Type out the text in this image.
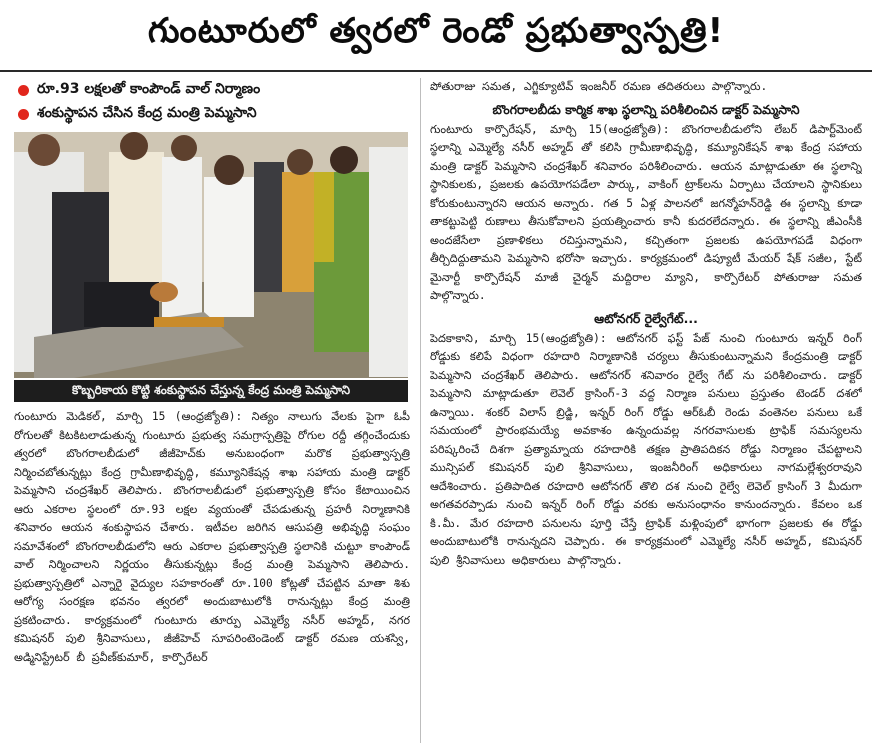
గుంటూరులో త్వరలో రెండో ప్రభుత్వాస్పత్రి!
రూ.93 లక్షలతో కాంపౌండ్ వాల్ నిర్మాణం
శంకుస్థాపన చేసిన కేంద్ర మంత్రి పెమ్మసాని
కొబ్బరికాయ కొట్టి శంకుస్థాపన చేస్తున్న కేంద్ర మంత్రి పెమ్మసాని

గుంటూరు మెడికల్, మార్చి 15 (ఆంధ్రజ్యోతి): నిత్యం నాలుగు వేలకు పైగా ఓపీ రోగులతో కిటకిటలాడుతున్న గుంటూరు ప్రభుత్వ సమగ్రాస్పత్రిపై రోగుల రద్దీ తగ్గించేందుకు త్వరలో బొంగరాలబీడులో జీజీహెచ్‌కు అనుబంధంగా మరొక ప్రభుత్వాస్పత్రి నిర్మించబోతున్నట్లు కేంద్ర గ్రామీణాభివృద్ధి, కమ్యూనికేషన్ల శాఖ సహాయ మంత్రి డాక్టర్ పెమ్మసాని చంద్రశేఖర్ తెలిపారు. బొంగరాలబీడులో ప్రభుత్వాస్పత్రి కోసం కేటాయించిన ఆరు ఎకరాల స్థలంలో రూ.93 లక్షల వ్యయంతో చేపడుతున్న ప్రహరీ నిర్మాణానికి శనివారం ఆయన శంకుస్థాపన చేశారు. ఇటీవల జరిగిన ఆసుపత్రి అభివృద్ధి సంఘం సమావేశంలో బొంగరాలబీడులోని ఆరు ఎకరాల ప్రభుత్వాస్పత్రి స్థలానికి చుట్టూ కాంపౌండ్ వాల్ నిర్మించాలని నిర్ణయం తీసుకున్నట్లు కేంద్ర మంత్రి పెమ్మసాని తెలిపారు. ప్రభుత్వాస్పత్రిలో ఎన్నారై వైద్యుల సహకారంతో రూ.100 కోట్లతో చేపట్టిన మాతా శిశు ఆరోగ్య సంరక్షణ భవనం త్వరలో అందుబాటులోకి రానున్నట్లు కేంద్ర మంత్రి ప్రకటించారు. కార్యక్రమంలో గుంటూరు తూర్పు ఎమ్మెల్యే నసీర్ అహ్మద్, నగర కమిషనర్ పులి శ్రీనివాసులు, జీజీహెచ్ సూపరింటెండెంట్ డాక్టర్ రమణ యశస్వి, అడ్మినిస్ట్రేటర్ బీ ప్రవీణ్‌కుమార్, కార్పొరేటర్

పోతురాజు సమత, ఎగ్జిక్యూటివ్ ఇంజనీర్ రమణ తదితరులు పాల్గొన్నారు.

బొంగరాలబీడు కార్మిక శాఖ స్థలాన్ని పరిశీలించిన డాక్టర్ పెమ్మసాని

గుంటూరు కార్పొరేషన్, మార్చి 15(ఆంధ్రజ్యోతి): బొంగరాలబీడులోని లేబర్ డిపార్ట్‌మెంట్ స్థలాన్ని ఎమ్మెల్యే నసీర్ అహ్మద్ తో కలిసి గ్రామీణాభివృద్ధి, కమ్యూనికేషన్ శాఖ కేంద్ర సహాయ మంత్రి డాక్టర్ పెమ్మసాని చంద్రశేఖర్ శనివారం పరిశీలించారు. ఆయన మాట్లాడుతూ ఈ స్థలాన్ని స్థానికులకు, ప్రజలకు ఉపయోగపడేలా పార్కు, వాకింగ్ ట్రాక్‌లను ఏర్పాటు చేయాలని స్థానికులు కోరుకుంటున్నారని ఆయన అన్నారు. గత 5 ఏళ్ల పాలనలో జగన్మోహన్‌రెడ్డి ఈ స్థలాన్ని కూడా తాకట్టుపెట్టి రుణాలు తీసుకోవాలని ప్రయత్నించారు కానీ కుదరలేదన్నారు. ఈ స్థలాన్ని జీఎంసీకి అందజేసేలా ప్రణాళికలు రచిస్తున్నామని, కచ్చితంగా ప్రజలకు ఉపయోగపడే విధంగా తీర్చిదిద్దుతామని పెమ్మసాని భరోసా ఇచ్చారు. కార్యక్రమంలో డిప్యూటీ మేయర్ షేక్ సజీల, స్టేట్ మైనార్టీ కార్పొరేషన్ మాజీ చైర్మన్ మద్దిరాల మ్యాని, కార్పొరేటర్ పోతురాజు సమత పాల్గొన్నారు.

ఆటోనగర్ రైల్వేగేట్...

పెదకాకాని, మార్చి 15(ఆంధ్రజ్యోతి): ఆటోనగర్ ఫస్ట్ పేజ్ నుంచి గుంటూరు ఇన్నర్ రింగ్ రోడ్డుకు కలిపే విధంగా రహదారి నిర్మాణానికి చర్యలు తీసుకుంటున్నామని కేంద్రమంత్రి డాక్టర్ పెమ్మసాని చంద్రశేఖర్ తెలిపారు. ఆటోనగర్ శనివారం రైల్వే గేట్ ను పరిశీలించారు. డాక్టర్ పెమ్మసాని మాట్లాడుతూ లెవెల్ క్రాసింగ్-3 వద్ద నిర్మాణ పనులు ప్రస్తుతం టెండర్ దశలో ఉన్నాయి. శంకర్ విలాస్ బ్రిడ్జి, ఇన్నర్ రింగ్ రోడ్డు ఆర్ఓబీ రెండు వంతెనల పనులు ఒకే సమయంలో ప్రారంభమయ్యే అవకాశం ఉన్నందువల్ల నగరవాసులకు ట్రాఫిక్ సమస్యలను పరిష్కరించే దిశగా ప్రత్యామ్నాయ రహదారికి తక్షణ ప్రాతిపదికన రోడ్డు నిర్మాణం చేపట్టాలని మున్సిపల్ కమిషనర్ పులి శ్రీనివాసులు, ఇంజనీరింగ్ అధికారులు నాగమల్లేశ్వరరావుని ఆదేశించారు. ప్రతిపాదిత రహదారి ఆటోనగర్ తొలి దశ నుంచి రైల్వే లెవెల్ క్రాసింగ్ 3 మీదుగా అగతవరప్పాడు నుంచి ఇన్నర్ రింగ్ రోడ్డు వరకు అనుసంధానం కానుందన్నారు. కేవలం ఒక కి.మీ. మేర రహదారి పనులను పూర్తి చేస్తే ట్రాఫిక్ మళ్లింపులో భాగంగా ప్రజలకు ఈ రోడ్డు అందుబాటులోకి రానున్నదని చెప్పారు. ఈ కార్యక్రమంలో ఎమ్మెల్యే నసీర్ అహ్మద్, కమిషనర్ పులి శ్రీనివాసులు అధికారులు పాల్గొన్నారు.
